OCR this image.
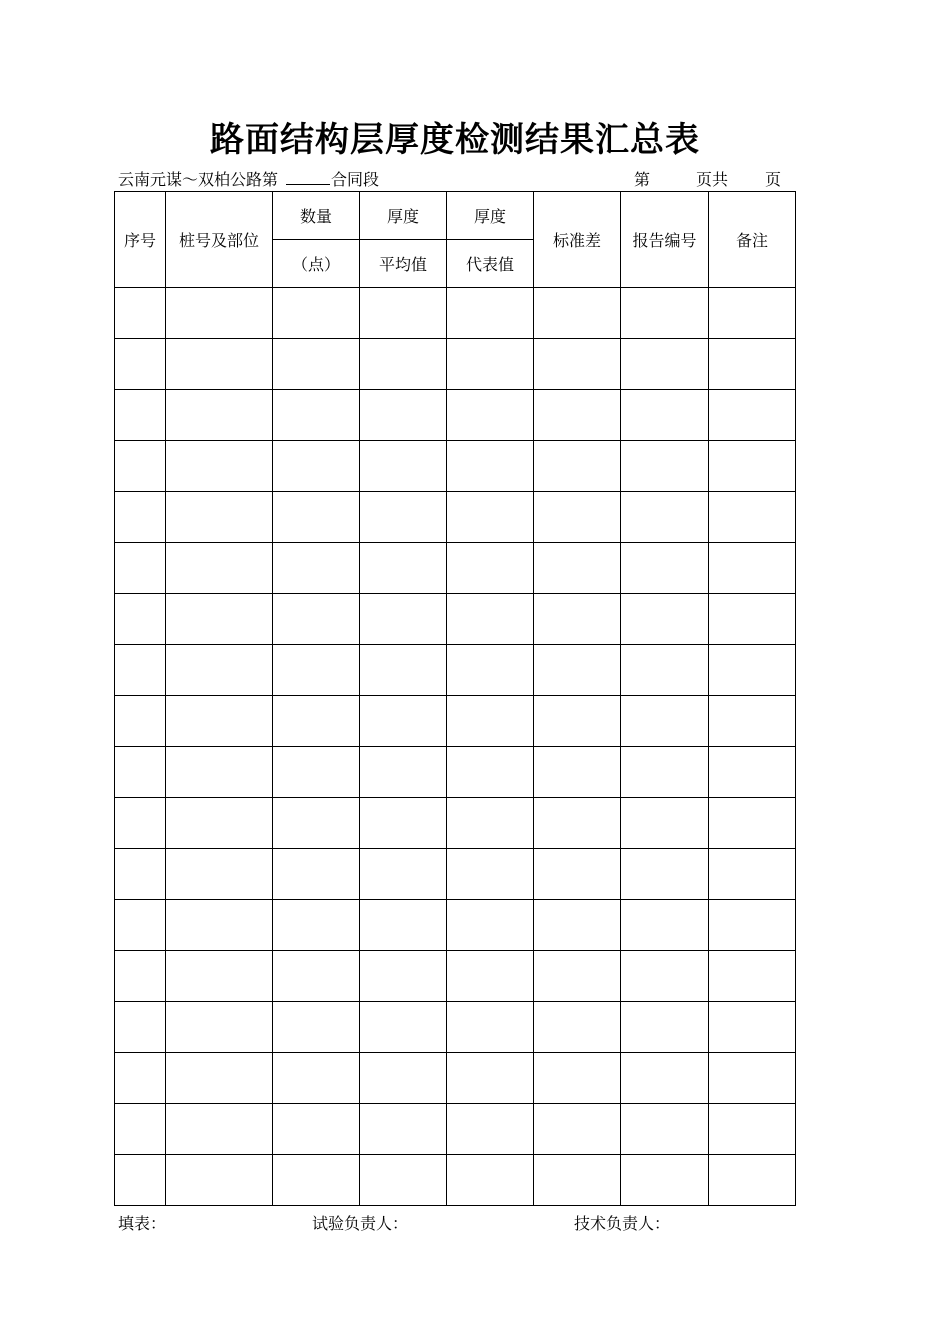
路面结构层厚度检测结果汇总表
云南元谋～双柏公路第	合同段	第	页共 页
序号	桩号及部位	数量	厚度	厚度	标准差	报告编号	备注
		（点）	平均值	代表值			

填表：	试验负责人：	技术负责人：
